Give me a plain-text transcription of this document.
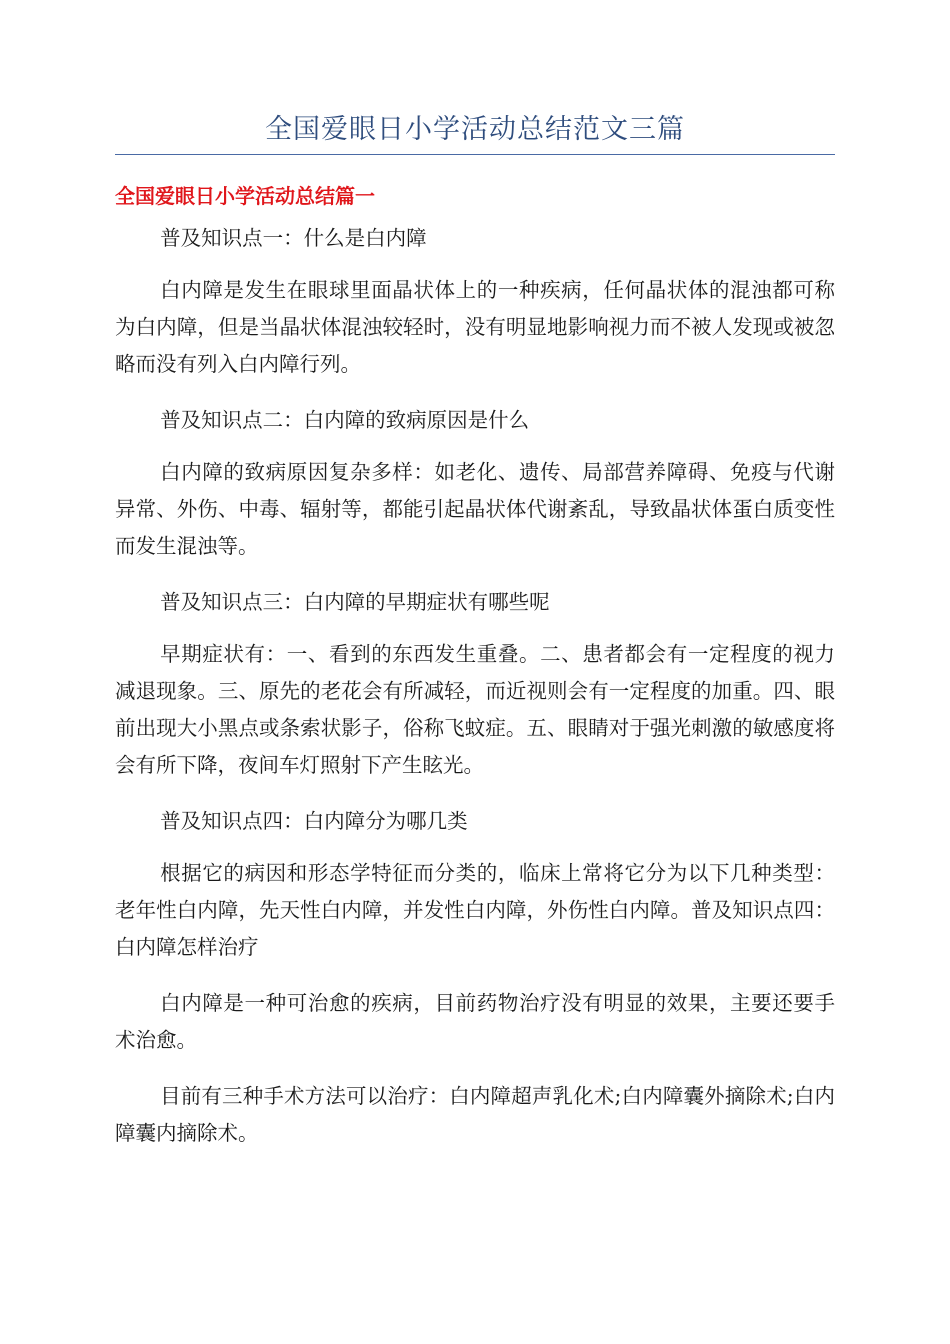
全国爱眼日小学活动总结范文三篇
全国爱眼日小学活动总结篇一

普及知识点一：什么是白内障

白内障是发生在眼球里面晶状体上的一种疾病，任何晶状体的混浊都可称为白内障，但是当晶状体混浊较轻时，没有明显地影响视力而不被人发现或被忽略而没有列入白内障行列。

普及知识点二：白内障的致病原因是什么

白内障的致病原因复杂多样：如老化、遗传、局部营养障碍、免疫与代谢异常、外伤、中毒、辐射等，都能引起晶状体代谢紊乱，导致晶状体蛋白质变性而发生混浊等。

普及知识点三：白内障的早期症状有哪些呢

早期症状有：一、看到的东西发生重叠。二、患者都会有一定程度的视力减退现象。三、原先的老花会有所减轻，而近视则会有一定程度的加重。四、眼前出现大小黑点或条索状影子，俗称飞蚊症。五、眼睛对于强光刺激的敏感度将会有所下降，夜间车灯照射下产生眩光。

普及知识点四：白内障分为哪几类

根据它的病因和形态学特征而分类的，临床上常将它分为以下几种类型：老年性白内障，先天性白内障，并发性白内障，外伤性白内障。普及知识点四：白内障怎样治疗

白内障是一种可治愈的疾病，目前药物治疗没有明显的效果，主要还要手术治愈。

目前有三种手术方法可以治疗：白内障超声乳化术;白内障囊外摘除术;白内障囊内摘除术。
